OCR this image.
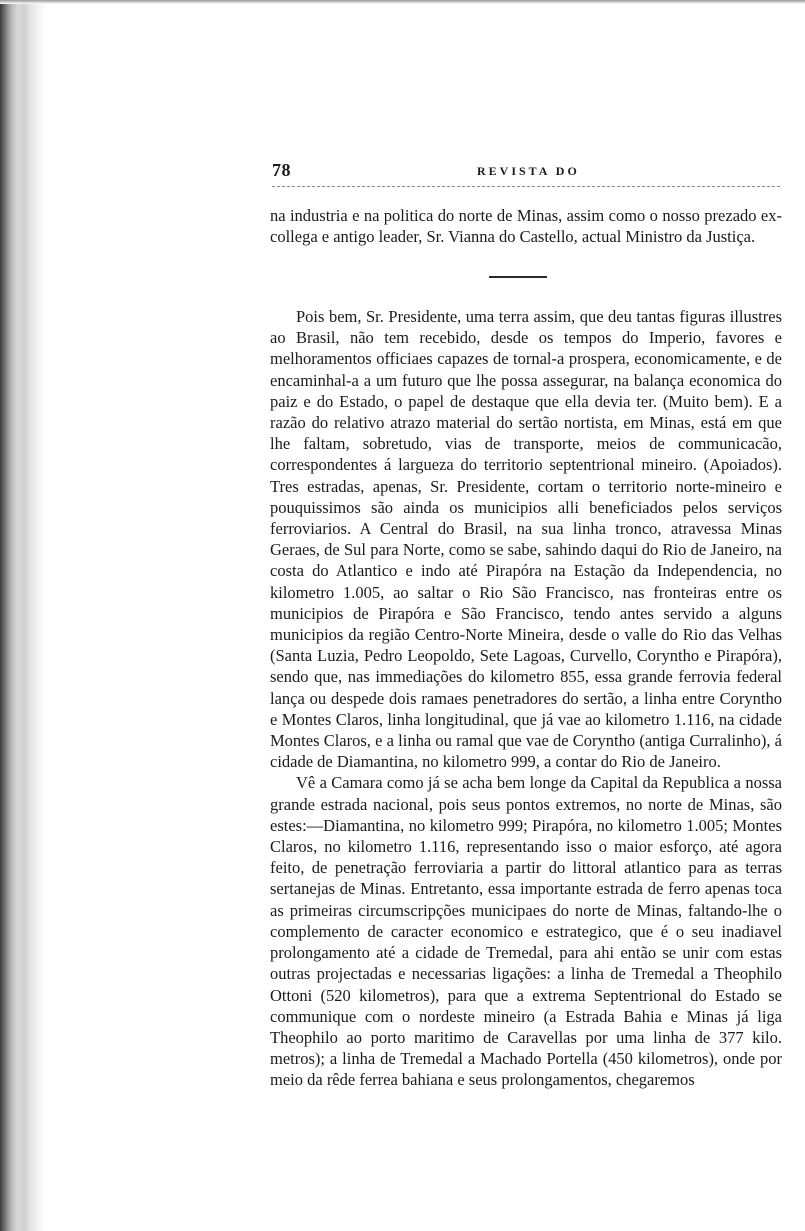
78	REVISTA DO

na industria e na politica do norte de Minas, assim como o nosso prezado ex-collega e antigo leader, Sr. Vianna do Castello, actual Ministro da Justiça.

Pois bem, Sr. Presidente, uma terra assim, que deu tantas figuras illustres ao Brasil, não tem recebido, desde os tempos do Imperio, favores e melhoramentos officiaes capazes de tornal-a prospera, economicamente, e de encaminhal-a a um futuro que lhe possa assegurar, na balança economica do paiz e do Estado, o papel de destaque que ella devia ter. (Muito bem). E a razão do relativo atrazo material do sertão nortista, em Minas, está em que lhe faltam, sobretudo, vias de transporte, meios de communicacão, correspondentes á largueza do territorio septentrional mineiro. (Apoiados). Tres estradas, apenas, Sr. Presidente, cortam o territorio norte-mineiro e pouquissimos são ainda os municipios alli beneficiados pelos serviços ferroviarios. A Central do Brasil, na sua linha tronco, atravessa Minas Geraes, de Sul para Norte, como se sabe, sahindo daqui do Rio de Janeiro, na costa do Atlantico e indo até Pirapóra na Estação da Independencia, no kilometro 1.005, ao saltar o Rio São Francisco, nas fronteiras entre os municipios de Pirapóra e São Francisco, tendo antes servido a alguns municipios da região Centro-Norte Mineira, desde o valle do Rio das Velhas (Santa Luzia, Pedro Leopoldo, Sete Lagoas, Curvello, Coryntho e Pirapóra), sendo que, nas immediações do kilometro 855, essa grande ferrovia federal lança ou despede dois ramaes penetradores do sertão, a linha entre Coryntho e Montes Claros, linha longitudinal, que já vae ao kilometro 1.116, na cidade Montes Claros, e a linha ou ramal que vae de Coryntho (antiga Curralinho), á cidade de Diamantina, no kilometro 999, a contar do Rio de Janeiro.

Vê a Camara como já se acha bem longe da Capital da Republica a nossa grande estrada nacional, pois seus pontos extremos, no norte de Minas, são estes:—Diamantina, no kilometro 999; Pirapóra, no kilometro 1.005; Montes Claros, no kilometro 1.116, representando isso o maior esforço, até agora feito, de penetração ferroviaria a partir do littoral atlantico para as terras sertanejas de Minas. Entretanto, essa importante estrada de ferro apenas toca as primeiras circumscripções municipaes do norte de Minas, faltando-lhe o complemento de caracter economico e estrategico, que é o seu inadiavel prolongamento até a cidade de Tremedal, para ahi então se unir com estas outras projectadas e necessarias ligações: a linha de Tremedal a Theophilo Ottoni (520 kilometros), para que a extrema Septentrional do Estado se communique com o nordeste mineiro (a Estrada Bahia e Minas já liga Theophilo ao porto maritimo de Caravellas por uma linha de 377 kilo. metros); a linha de Tremedal a Machado Portella (450 kilometros), onde por meio da rêde ferrea bahiana e seus prolongamentos, chegaremos
